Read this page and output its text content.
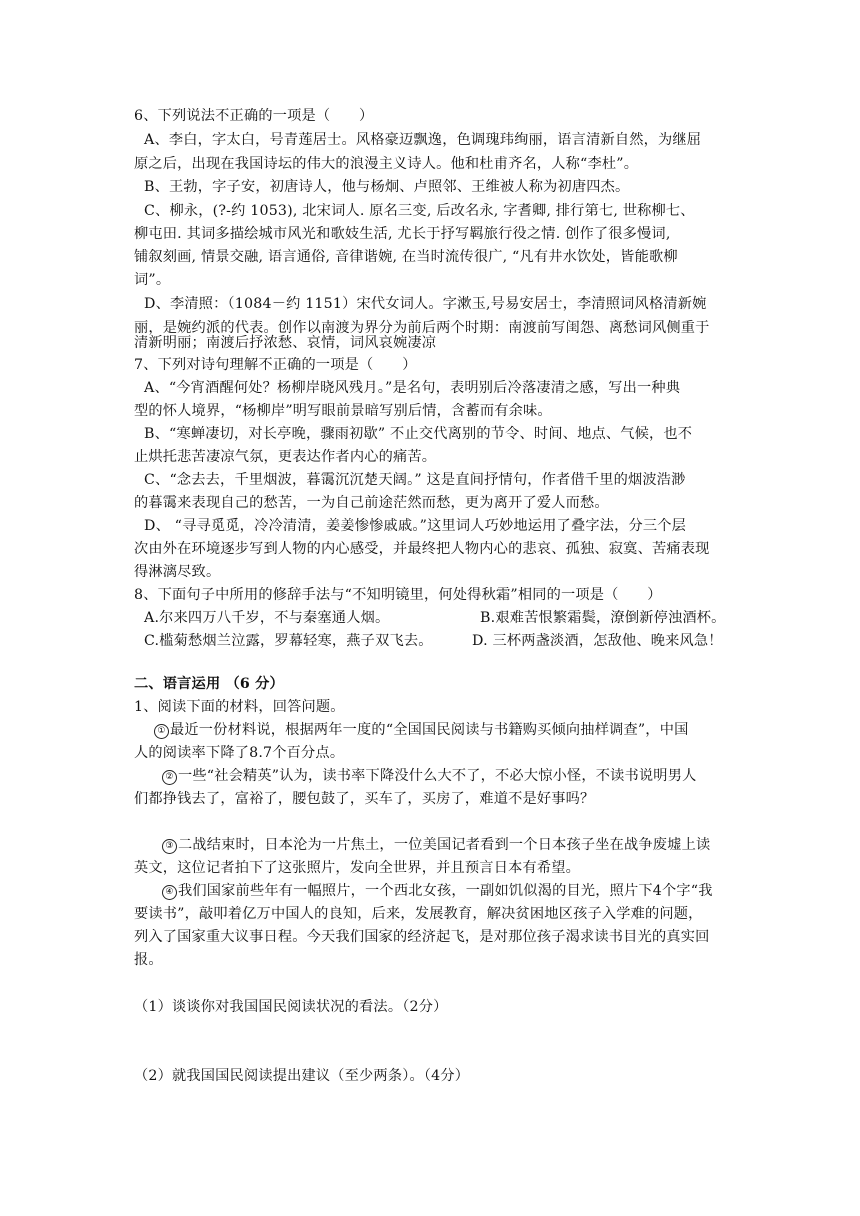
6、下列说法不正确的一项是（　　）
A、李白，字太白，号青莲居士。风格豪迈飘逸，色调瑰玮绚丽，语言清新自然，为继屈
原之后，出现在我国诗坛的伟大的浪漫主义诗人。他和杜甫齐名，人称“李杜”。
B、王勃，字子安，初唐诗人，他与杨炯、卢照邻、王维被人称为初唐四杰。
C、柳永，(?-约 1053), 北宋词人. 原名三变, 后改名永, 字耆卿, 排行第七, 世称柳七、
柳屯田. 其词多描绘城市风光和歌妓生活, 尤长于抒写羁旅行役之情. 创作了很多慢词,
铺叙刻画, 情景交融, 语言通俗, 音律谐婉, 在当时流传很广, “凡有井水饮处，皆能歌柳
词”。
D、李清照：（1084－约 1151）宋代女词人。字漱玉,号易安居士，李清照词风格清新婉
丽，是婉约派的代表。创作以南渡为界分为前后两个时期：南渡前写闺怨、离愁词风侧重于
清新明丽；南渡后抒浓愁、哀情，词风哀婉凄凉
7、下列对诗句理解不正确的一项是（　　）
A、“今宵酒醒何处？杨柳岸晓风残月。”是名句，表明别后冷落凄清之感，写出一种典
型的怀人境界，“杨柳岸”明写眼前景暗写别后情，含蓄而有余味。
B、“寒蝉凄切，对长亭晚，骤雨初歇” 不止交代离别的节令、时间、地点、气候，也不
止烘托悲苦凄凉气氛，更表达作者内心的痛苦。
C、“念去去，千里烟波，暮霭沉沉楚天阔。” 这是直间抒情句，作者借千里的烟波浩渺
的暮霭来表现自己的愁苦，一为自己前途茫然而愁，更为离开了爱人而愁。
D、 “寻寻觅觅，冷冷清清，姜姜惨惨戚戚。”这里词人巧妙地运用了叠字法，分三个层
次由外在环境逐步写到人物的内心感受，并最终把人物内心的悲哀、孤独、寂寞、苦痛表现
得淋漓尽致。
8、下面句子中所用的修辞手法与“不知明镜里，何处得秋霜”相同的一项是（　　）
A.尔来四万八千岁，不与秦塞通人烟。	B.艰难苦恨繁霜鬓，潦倒新停浊酒杯。
C.槛菊愁烟兰泣露，罗幕轻寒，燕子双飞去。	D. 三杯两盏淡酒，怎敌他、晚来风急！
二、语言运用 （6 分）
1、阅读下面的材料，回答问题。
① 最近一份材料说，根据两年一度的“全国国民阅读与书籍购买倾向抽样调查”，中国
人的阅读率下降了8.7个百分点。
② 一些“社会精英”认为，读书率下降没什么大不了，不必大惊小怪，不读书说明男人
们都挣钱去了，富裕了，腰包鼓了，买车了，买房了，难道不是好事吗？
③ 二战结束时，日本沦为一片焦土，一位美国记者看到一个日本孩子坐在战争废墟上读
英文，这位记者拍下了这张照片，发向全世界，并且预言日本有希望。
④ 我们国家前些年有一幅照片，一个西北女孩，一副如饥似渴的目光，照片下4个字“我
要读书”，敲叩着亿万中国人的良知，后来，发展教育，解决贫困地区孩子入学难的问题，
列入了国家重大议事日程。今天我们国家的经济起飞，是对那位孩子渴求读书目光的真实回
报。
（1）谈谈你对我国国民阅读状况的看法。（2分）
（2）就我国国民阅读提出建议（至少两条）。（4分）
